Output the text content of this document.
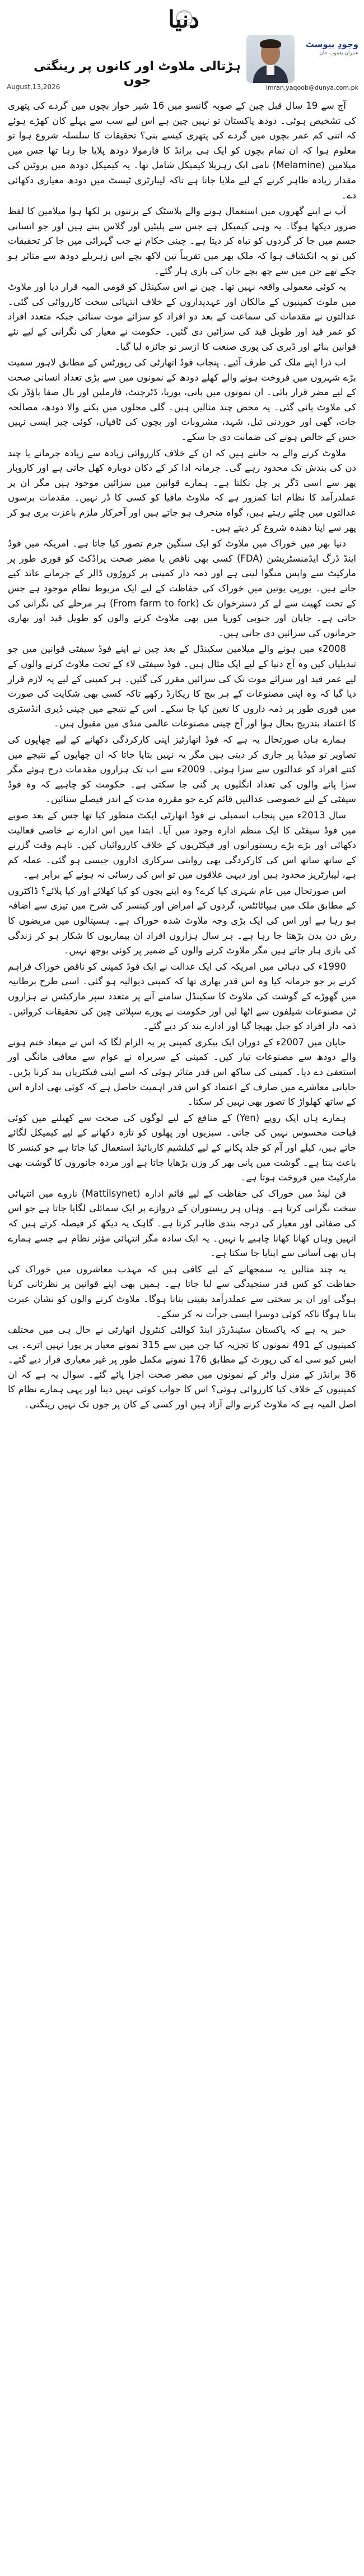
دنیا
ہڑتالی ملاوٹ اور کانوں پر رینگتی جوں
وجودِ پیوسٹ
عمران یعقوب خان
imran.yaqoob@dunya.com.pk
August,13,2026

آج سے 19 سال قبل چین کے صوبہ گانسو میں 16 شیر خوار بچوں میں گردے کی پتھری کی تشخیص ہوئی۔ دودھ پاکستان تو نہیں چین ہے اس لیے سب سے پہلے کان کھڑے ہوئے کہ اتنی کم عمر بچوں میں گردے کی پتھری کیسے بنی؟ تحقیقات کا سلسلہ شروع ہوا تو معلوم ہوا کہ ان تمام بچوں کو ایک ہی برانڈ کا فارمولا دودھ پلایا جا رہا تھا جس میں میلامین (Melamine) نامی ایک زہریلا کیمیکل شامل تھا۔ یہ کیمیکل دودھ میں پروٹین کی مقدار زیادہ ظاہر کرنے کے لیے ملایا جاتا ہے تاکہ لیبارٹری ٹیسٹ میں دودھ معیاری دکھائی دے۔

آپ نے اپنے گھروں میں استعمال ہونے والے پلاسٹک کے برتنوں پر لکھا ہوا میلامین کا لفظ ضرور دیکھا ہوگا۔ یہ وہی کیمیکل ہے جس سے پلیٹیں اور گلاس بنتے ہیں اور جو انسانی جسم میں جا کر گردوں کو تباہ کر دیتا ہے۔ چینی حکام نے جب گہرائی میں جا کر تحقیقات کیں تو یہ انکشاف ہوا کہ ملک بھر میں تقریباً تین لاکھ بچے اس زہریلے دودھ سے متاثر ہو چکے تھے جن میں سے چھ بچے جان کی بازی ہار گئے۔

یہ کوئی معمولی واقعہ نہیں تھا۔ چین نے اس سکینڈل کو قومی المیہ قرار دیا اور ملاوٹ میں ملوث کمپنیوں کے مالکان اور عہدیداروں کے خلاف انتہائی سخت کارروائی کی گئی۔ عدالتوں نے مقدمات کی سماعت کے بعد دو افراد کو سزائے موت سنائی جبکہ متعدد افراد کو عمر قید اور طویل قید کی سزائیں دی گئیں۔ حکومت نے معیار کی نگرانی کے لیے نئے قوانین بنائے اور ڈیری کی پوری صنعت کا ازسر نو جائزہ لیا گیا۔

اب ذرا اپنے ملک کی طرف آئیے۔ پنجاب فوڈ اتھارٹی کی رپورٹس کے مطابق لاہور سمیت بڑے شہروں میں فروخت ہونے والے کھلے دودھ کے نمونوں میں سے بڑی تعداد انسانی صحت کے لیے مضر قرار پائی۔ ان نمونوں میں پانی، یوریا، ڈٹرجنٹ، فارملین اور بال صفا پاؤڈر تک کی ملاوٹ پائی گئی۔ یہ محض چند مثالیں ہیں۔ گلی محلوں میں بکنے والا دودھ، مصالحہ جات، گھی اور خوردنی تیل، شہد، مشروبات اور بچوں کی ٹافیاں، کوئی چیز ایسی نہیں جس کے خالص ہونے کی ضمانت دی جا سکے۔

ملاوٹ کرنے والے یہ جانتے ہیں کہ ان کے خلاف کارروائی زیادہ سے زیادہ جرمانے یا چند دن کی بندش تک محدود رہے گی۔ جرمانہ ادا کر کے دکان دوبارہ کھل جاتی ہے اور کاروبار پھر سے اسی ڈگر پر چل نکلتا ہے۔ ہمارے قوانین میں سزائیں موجود ہیں مگر ان پر عملدرآمد کا نظام اتنا کمزور ہے کہ ملاوٹ مافیا کو کسی کا ڈر نہیں۔ مقدمات برسوں عدالتوں میں چلتے رہتے ہیں، گواہ منحرف ہو جاتے ہیں اور آخرکار ملزم باعزت بری ہو کر پھر سے اپنا دھندہ شروع کر دیتے ہیں۔

دنیا بھر میں خوراک میں ملاوٹ کو ایک سنگین جرم تصور کیا جاتا ہے۔ امریکہ میں فوڈ اینڈ ڈرگ ایڈمنسٹریشن (FDA) کسی بھی ناقص یا مضر صحت پراڈکٹ کو فوری طور پر مارکیٹ سے واپس منگوا لیتی ہے اور ذمہ دار کمپنی پر کروڑوں ڈالر کے جرمانے عائد کیے جاتے ہیں۔ یورپی یونین میں خوراک کی حفاظت کے لیے ایک مربوط نظام موجود ہے جس کے تحت کھیت سے لے کر دسترخوان تک (From farm to fork) ہر مرحلے کی نگرانی کی جاتی ہے۔ جاپان اور جنوبی کوریا میں بھی ملاوٹ کرنے والوں کو طویل قید اور بھاری جرمانوں کی سزائیں دی جاتی ہیں۔

2008ء میں ہونے والے میلامین سکینڈل کے بعد چین نے اپنے فوڈ سیفٹی قوانین میں جو تبدیلیاں کیں وہ آج دنیا کے لیے ایک مثال ہیں۔ فوڈ سیفٹی لاء کے تحت ملاوٹ کرنے والوں کے لیے عمر قید اور سزائے موت تک کی سزائیں مقرر کی گئیں۔ ہر کمپنی کے لیے یہ لازم قرار دیا گیا کہ وہ اپنی مصنوعات کے ہر بیچ کا ریکارڈ رکھے تاکہ کسی بھی شکایت کی صورت میں فوری طور پر ذمہ داروں کا تعین کیا جا سکے۔ اس کے نتیجے میں چینی ڈیری انڈسٹری کا اعتماد بتدریج بحال ہوا اور آج چینی مصنوعات عالمی منڈی میں مقبول ہیں۔

ہمارے ہاں صورتحال یہ ہے کہ فوڈ اتھارٹیز اپنی کارکردگی دکھانے کے لیے چھاپوں کی تصاویر تو میڈیا پر جاری کر دیتی ہیں مگر یہ نہیں بتایا جاتا کہ ان چھاپوں کے نتیجے میں کتنے افراد کو عدالتوں سے سزا ہوئی۔ 2009ء سے اب تک ہزاروں مقدمات درج ہوئے مگر سزا پانے والوں کی تعداد انگلیوں پر گنی جا سکتی ہے۔ حکومت کو چاہیے کہ وہ فوڈ سیفٹی کے لیے خصوصی عدالتیں قائم کرے جو مقررہ مدت کے اندر فیصلے سنائیں۔

سال 2013ء میں پنجاب اسمبلی نے فوڈ اتھارٹی ایکٹ منظور کیا تھا جس کے بعد صوبے میں فوڈ سیفٹی کا ایک منظم ادارہ وجود میں آیا۔ ابتدا میں اس ادارے نے خاصی فعالیت دکھائی اور بڑے بڑے ریستورانوں اور فیکٹریوں کے خلاف کارروائیاں کیں۔ تاہم وقت گزرنے کے ساتھ ساتھ اس کی کارکردگی بھی روایتی سرکاری اداروں جیسی ہو گئی۔ عملہ کم ہے، لیبارٹریز محدود ہیں اور دیہی علاقوں میں تو اس کی رسائی نہ ہونے کے برابر ہے۔

اس صورتحال میں عام شہری کیا کرے؟ وہ اپنے بچوں کو کیا کھلائے اور کیا پلائے؟ ڈاکٹروں کے مطابق ملک میں ہیپاٹائٹس، گردوں کے امراض اور کینسر کی شرح میں تیزی سے اضافہ ہو رہا ہے اور اس کی ایک بڑی وجہ ملاوٹ شدہ خوراک ہے۔ ہسپتالوں میں مریضوں کا رش دن بدن بڑھتا جا رہا ہے۔ ہر سال ہزاروں افراد ان بیماریوں کا شکار ہو کر زندگی کی بازی ہار جاتے ہیں مگر ملاوٹ کرنے والوں کے ضمیر پر کوئی بوجھ نہیں۔

1990ء کی دہائی میں امریکہ کی ایک عدالت نے ایک فوڈ کمپنی کو ناقص خوراک فراہم کرنے پر جو جرمانہ کیا وہ اس قدر بھاری تھا کہ کمپنی دیوالیہ ہو گئی۔ اسی طرح برطانیہ میں گھوڑے کے گوشت کی ملاوٹ کا سکینڈل سامنے آنے پر متعدد سپر مارکیٹس نے ہزاروں ٹن مصنوعات شیلفوں سے اٹھا لیں اور حکومت نے پورے سپلائی چین کی تحقیقات کروائیں۔ ذمہ دار افراد کو جیل بھیجا گیا اور ادارے بند کر دیے گئے۔

جاپان میں 2007ء کے دوران ایک بیکری کمپنی پر یہ الزام لگا کہ اس نے میعاد ختم ہونے والے دودھ سے مصنوعات تیار کیں۔ کمپنی کے سربراہ نے عوام سے معافی مانگی اور استعفیٰ دے دیا۔ کمپنی کی ساکھ اس قدر متاثر ہوئی کہ اسے اپنی فیکٹریاں بند کرنا پڑیں۔ جاپانی معاشرے میں صارف کے اعتماد کو اس قدر اہمیت حاصل ہے کہ کوئی بھی ادارہ اس کے ساتھ کھلواڑ کا تصور بھی نہیں کر سکتا۔

ہمارے ہاں ایک روپے (Yen) کے منافع کے لیے لوگوں کی صحت سے کھیلنے میں کوئی قباحت محسوس نہیں کی جاتی۔ سبزیوں اور پھلوں کو تازہ دکھانے کے لیے کیمیکل لگائے جاتے ہیں، کیلے اور آم کو جلد پکانے کے لیے کیلشیم کاربائیڈ استعمال کیا جاتا ہے جو کینسر کا باعث بنتا ہے۔ گوشت میں پانی بھر کر وزن بڑھایا جاتا ہے اور مردہ جانوروں کا گوشت بھی مارکیٹ میں فروخت ہوتا ہے۔

فن لینڈ میں خوراک کی حفاظت کے لیے قائم ادارہ (Mattilsynet) ناروے میں انتہائی سخت نگرانی کرتا ہے۔ وہاں ہر ریستوران کے دروازے پر ایک سمائلی لگایا جاتا ہے جو اس کی صفائی اور معیار کی درجہ بندی ظاہر کرتا ہے۔ گاہک یہ دیکھ کر فیصلہ کرتے ہیں کہ انہیں وہاں کھانا کھانا چاہیے یا نہیں۔ یہ ایک سادہ مگر انتہائی مؤثر نظام ہے جسے ہمارے ہاں بھی آسانی سے اپنایا جا سکتا ہے۔

یہ چند مثالیں یہ سمجھانے کے لیے کافی ہیں کہ مہذب معاشروں میں خوراک کی حفاظت کو کس قدر سنجیدگی سے لیا جاتا ہے۔ ہمیں بھی اپنے قوانین پر نظرثانی کرنا ہوگی اور ان پر سختی سے عملدرآمد یقینی بنانا ہوگا۔ ملاوٹ کرنے والوں کو نشان عبرت بنانا ہوگا تاکہ کوئی دوسرا ایسی جرأت نہ کر سکے۔

خبر یہ ہے کہ پاکستان سٹینڈرڈز اینڈ کوالٹی کنٹرول اتھارٹی نے حال ہی میں مختلف کمپنیوں کے 491 نمونوں کا تجزیہ کیا جن میں سے 315 نمونے معیار پر پورا نہیں اترے۔ پی ایس کیو سی اے کی رپورٹ کے مطابق 176 نمونے مکمل طور پر غیر معیاری قرار دیے گئے۔ 36 برانڈز کے منرل واٹر کے نمونوں میں مضر صحت اجزا پائے گئے۔ سوال یہ ہے کہ ان کمپنیوں کے خلاف کیا کارروائی ہوئی؟ اس کا جواب کوئی نہیں دیتا اور یہی ہمارے نظام کا اصل المیہ ہے کہ ملاوٹ کرنے والے آزاد ہیں اور کسی کے کان پر جوں تک نہیں رینگتی۔
